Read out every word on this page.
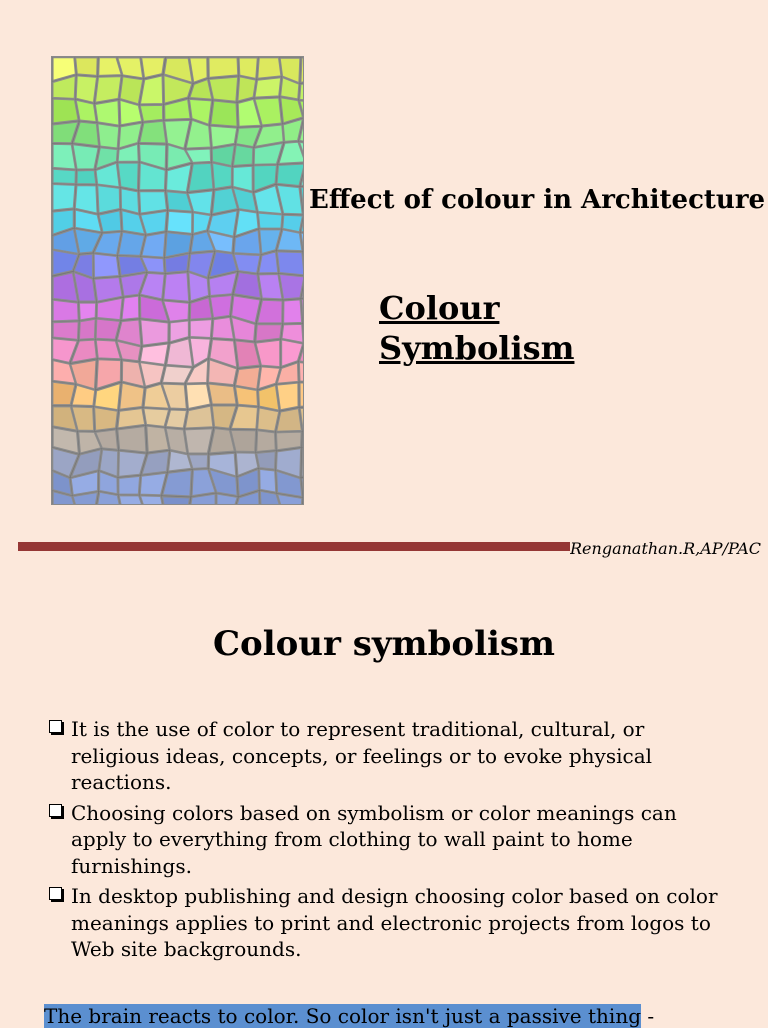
Effect of colour in Architecture
Colour Symbolism
Renganathan.R,AP/PAC
Colour symbolism
It is the use of color to represent traditional, cultural, or religious ideas, concepts, or feelings or to evoke physical reactions.
Choosing colors based on symbolism or color meanings can apply to everything from clothing to wall paint to home furnishings.
In desktop publishing and design choosing color based on color meanings applies to print and electronic projects from logos to Web site backgrounds.
The brain reacts to color. So color isn't just a passive thing -
